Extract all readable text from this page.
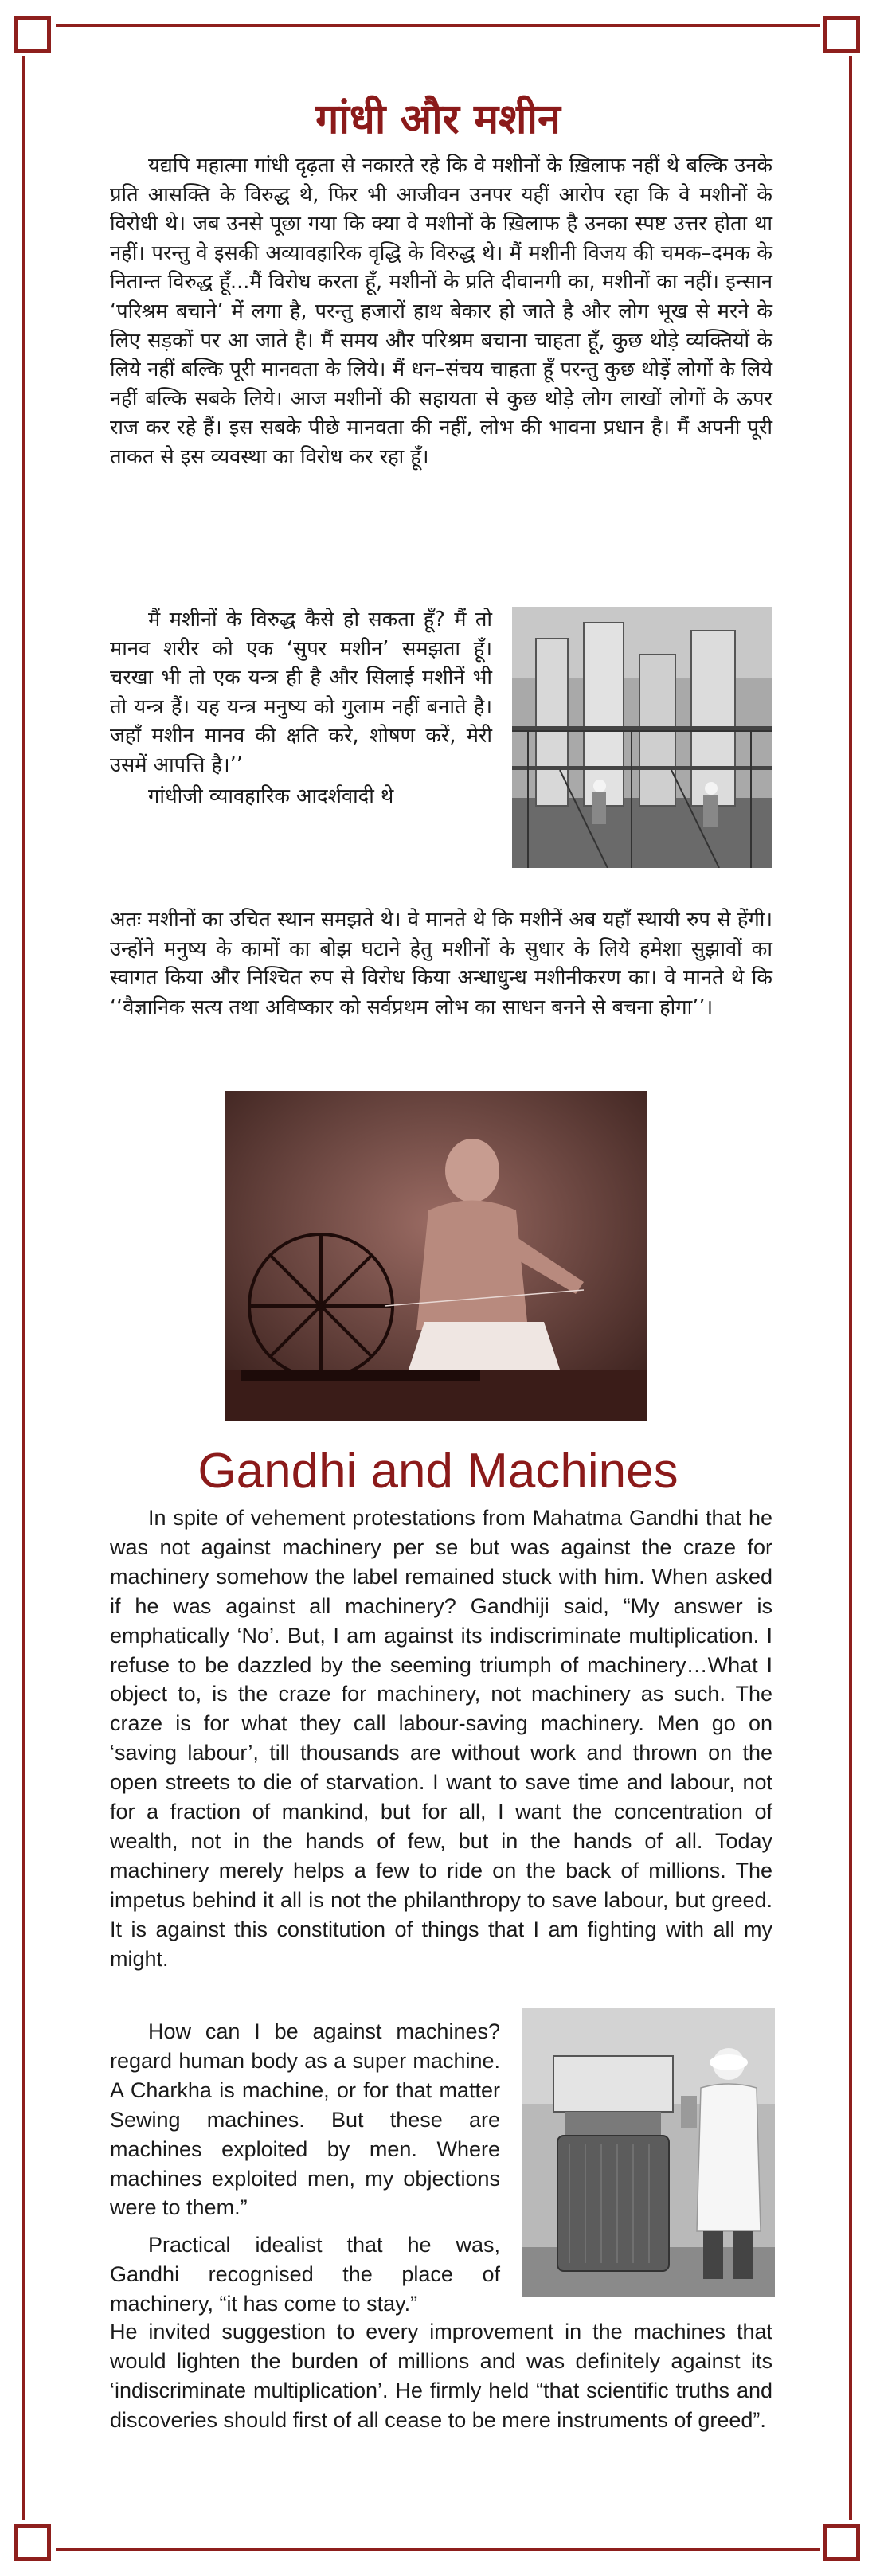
गांधी और मशीन

यद्यपि महात्मा गांधी दृढ़ता से नकारते रहे कि वे मशीनों के ख़िलाफ नहीं थे बल्कि उनके प्रति आसक्ति के विरुद्ध थे, फिर भी आजीवन उनपर यहीं आरोप रहा कि वे मशीनों के विरोधी थे। जब उनसे पूछा गया कि क्या वे मशीनों के ख़िलाफ है उनका स्पष्ट उत्तर होता था नहीं। परन्तु वे इसकी अव्यावहारिक वृद्धि के विरुद्ध थे। मैं मशीनी विजय की चमक–दमक के नितान्त विरुद्ध हूँ...मैं विरोध करता हूँ, मशीनों के प्रति दीवानगी का, मशीनों का नहीं। इन्सान ‘परिश्रम बचाने’ में लगा है, परन्तु हजारों हाथ बेकार हो जाते है और लोग भूख से मरने के लिए सड़कों पर आ जाते है। मैं समय और परिश्रम बचाना चाहता हूँ, कुछ थोड़े व्यक्तियों के लिये नहीं बल्कि पूरी मानवता के लिये। मैं धन–संचय चाहता हूँ परन्तु कुछ थोड़ें लोगों के लिये नहीं बल्कि सबके लिये। आज मशीनों की सहायता से कुछ थोड़े लोग लाखों लोगों के ऊपर राज कर रहे हैं। इस सबके पीछे मानवता की नहीं, लोभ की भावना प्रधान है। मैं अपनी पूरी ताकत से इस व्यवस्था का विरोध कर रहा हूँ।

मैं मशीनों के विरुद्ध कैसे हो सकता हूँ? मैं तो मानव शरीर को एक ‘सुपर मशीन’ समझता हूँ। चरखा भी तो एक यन्त्र ही है और सिलाई मशीनें भी तो यन्त्र हैं। यह यन्त्र मनुष्य को गुलाम नहीं बनाते है। जहाँ मशीन मानव की क्षति करे, शोषण करें, मेरी उसमें आपत्ति है।’’

गांधीजी व्यावहारिक आदर्शवादी थे

अतः मशीनों का उचित स्थान समझते थे। वे मानते थे कि मशीनें अब यहाँ स्थायी रुप से हेंगी। उन्होंने मनुष्य के कामों का बोझ घटाने हेतु मशीनों के सुधार के लिये हमेशा सुझावों का स्वागत किया और निश्चित रुप से विरोध किया अन्धाधुन्ध मशीनीकरण का। वे मानते थे कि ‘‘वैज्ञानिक सत्य तथा अविष्कार को सर्वप्रथम लोभ का साधन बनने से बचना होगा’’।

Gandhi and Machines

In spite of vehement protestations from Mahatma Gandhi that he was not against machinery per se but was against the craze for machinery somehow the label remained stuck with him. When asked if he was against all machinery? Gandhiji said, “My answer is emphatically ‘No’. But, I am against its indiscriminate multiplication. I refuse to be dazzled by the seeming triumph of machinery…What I object to, is the craze for machinery, not machinery as such. The craze is for what they call labour-saving machinery. Men go on ‘saving labour’, till thousands are without work and thrown on the open streets to die of starvation. I want to save time and labour, not for a fraction of mankind, but for all, I want the concentration of wealth, not in the hands of few, but in the hands of all. Today machinery merely helps a few to ride on the back of millions. The impetus behind it all is not the philanthropy to save labour, but greed. It is against this constitution of things that I am fighting with all my might.

How can I be against machines? regard human body as a super machine. A Charkha is machine, or for that matter Sewing machines. But these are machines exploited by men. Where machines exploited men, my objections were to them.”

Practical idealist that he was, Gandhi recognised the place of machinery, “it has come to stay.”

He invited suggestion to every improvement in the machines that would lighten the burden of millions and was definitely against its ‘indiscriminate multiplication’. He firmly held “that scientific truths and discoveries should first of all cease to be mere instruments of greed”.
